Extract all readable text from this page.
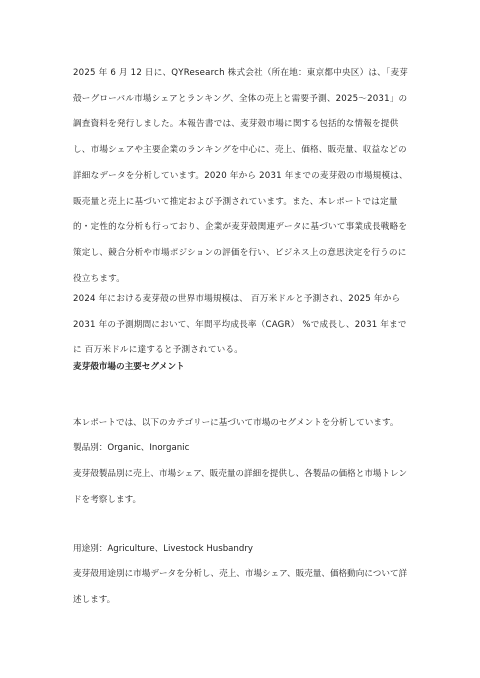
2025 年 6 月 12 日に、QYResearch 株式会社（所在地：東京都中央区）は、「麦芽殻ーグローバル市場シェアとランキング、全体の売上と需要予測、2025～2031」の調査資料を発行しました。本報告書では、麦芽殻市場に関する包括的な情報を提供し、市場シェアや主要企業のランキングを中心に、売上、価格、販売量、収益などの詳細なデータを分析しています。2020 年から 2031 年までの麦芽殻の市場規模は、販売量と売上に基づいて推定および予測されています。また、本レポートでは定量的・定性的な分析も行っており、企業が麦芽殻関連データに基づいて事業成長戦略を策定し、競合分析や市場ポジションの評価を行い、ビジネス上の意思決定を行うのに役立ちます。

2024 年における麦芽殻の世界市場規模は、 百万米ドルと予測され、2025 年から 2031 年の予測期間において、年間平均成長率（CAGR） %で成長し、2031 年までに 百万米ドルに達すると予測されている。

麦芽殻市場の主要セグメント

本レポートでは、以下のカテゴリーに基づいて市場のセグメントを分析しています。

製品別：Organic、Inorganic

麦芽殻製品別に売上、市場シェア、販売量の詳細を提供し、各製品の価格と市場トレンドを考察します。

用途別：Agriculture、Livestock Husbandry

麦芽殻用途別に市場データを分析し、売上、市場シェア、販売量、価格動向について詳述します。
